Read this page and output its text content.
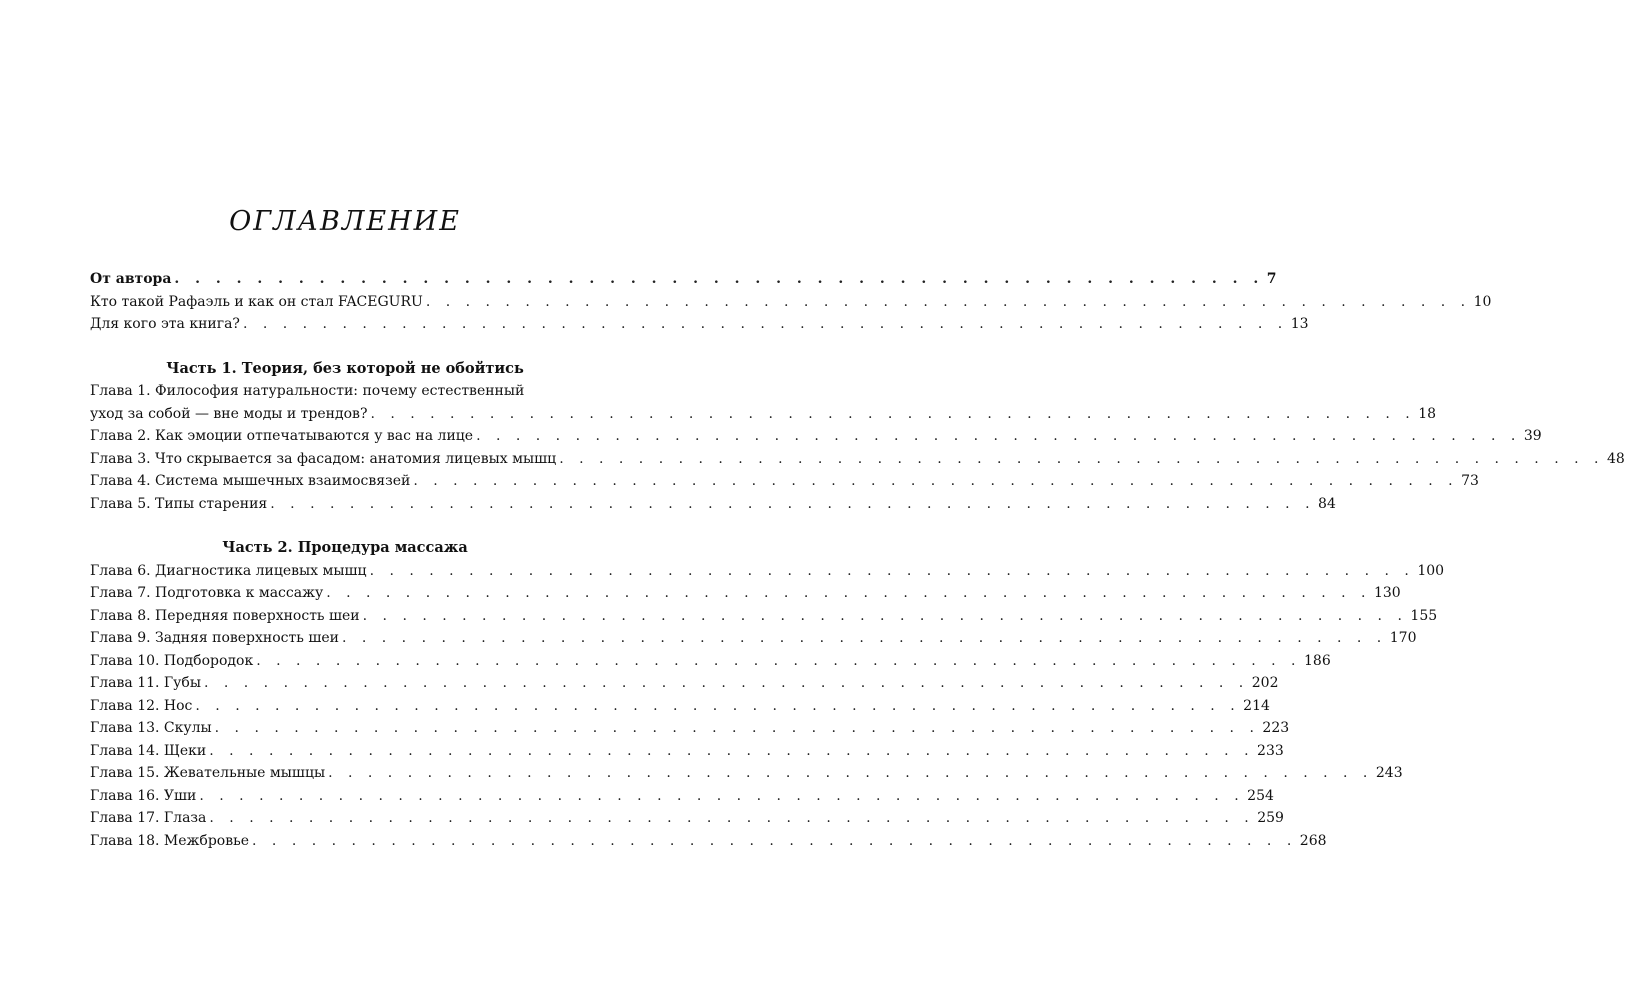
ОГЛАВЛЕНИЕ
От автора . . . . . . . . . . . . . . . . . . . . . . . . . . . . . . . . . . . . . . . . . . . . . . . . . . . . . 7
Кто такой Рафаэль и как он стал FACEGURU . . . . . . . . . . . . . . . . . . . . . . . . . . . . . . . . . . . . . . . . . . . . . . . . . . . . . 10
Для кого эта книга? . . . . . . . . . . . . . . . . . . . . . . . . . . . . . . . . . . . . . . . . . . . . . . . . . . . . . 13
Часть 1. Теория, без которой не обойтись
Глава 1. Философия натуральности: почему естественный
уход за собой — вне моды и трендов? . . . . . . . . . . . . . . . . . . . . . . . . . . . . . . . . . . . . . . . . . . . . . . . . . . . . . 18
Глава 2. Как эмоции отпечатываются у вас на лице . . . . . . . . . . . . . . . . . . . . . . . . . . . . . . . . . . . . . . . . . . . . . . . . . . . . . 39
Глава 3. Что скрывается за фасадом: анатомия лицевых мышц . . . . . . . . . . . . . . . . . . . . . . . . . . . . . . . . . . . . . . . . . . . . . . . . . . . . . 48
Глава 4. Система мышечных взаимосвязей . . . . . . . . . . . . . . . . . . . . . . . . . . . . . . . . . . . . . . . . . . . . . . . . . . . . . 73
Глава 5. Типы старения . . . . . . . . . . . . . . . . . . . . . . . . . . . . . . . . . . . . . . . . . . . . . . . . . . . . . 84
Часть 2. Процедура массажа
Глава 6. Диагностика лицевых мышц . . . . . . . . . . . . . . . . . . . . . . . . . . . . . . . . . . . . . . . . . . . . . . . . . . . . . 100
Глава 7. Подготовка к массажу . . . . . . . . . . . . . . . . . . . . . . . . . . . . . . . . . . . . . . . . . . . . . . . . . . . . . 130
Глава 8. Передняя поверхность шеи . . . . . . . . . . . . . . . . . . . . . . . . . . . . . . . . . . . . . . . . . . . . . . . . . . . . . 155
Глава 9. Задняя поверхность шеи . . . . . . . . . . . . . . . . . . . . . . . . . . . . . . . . . . . . . . . . . . . . . . . . . . . . . 170
Глава 10. Подбородок . . . . . . . . . . . . . . . . . . . . . . . . . . . . . . . . . . . . . . . . . . . . . . . . . . . . . 186
Глава 11. Губы . . . . . . . . . . . . . . . . . . . . . . . . . . . . . . . . . . . . . . . . . . . . . . . . . . . . . 202
Глава 12. Нос . . . . . . . . . . . . . . . . . . . . . . . . . . . . . . . . . . . . . . . . . . . . . . . . . . . . . 214
Глава 13. Скулы . . . . . . . . . . . . . . . . . . . . . . . . . . . . . . . . . . . . . . . . . . . . . . . . . . . . . 223
Глава 14. Щеки . . . . . . . . . . . . . . . . . . . . . . . . . . . . . . . . . . . . . . . . . . . . . . . . . . . . . 233
Глава 15. Жевательные мышцы . . . . . . . . . . . . . . . . . . . . . . . . . . . . . . . . . . . . . . . . . . . . . . . . . . . . . 243
Глава 16. Уши . . . . . . . . . . . . . . . . . . . . . . . . . . . . . . . . . . . . . . . . . . . . . . . . . . . . . 254
Глава 17. Глаза . . . . . . . . . . . . . . . . . . . . . . . . . . . . . . . . . . . . . . . . . . . . . . . . . . . . . 259
Глава 18. Межбровье . . . . . . . . . . . . . . . . . . . . . . . . . . . . . . . . . . . . . . . . . . . . . . . . . . . . . 268
